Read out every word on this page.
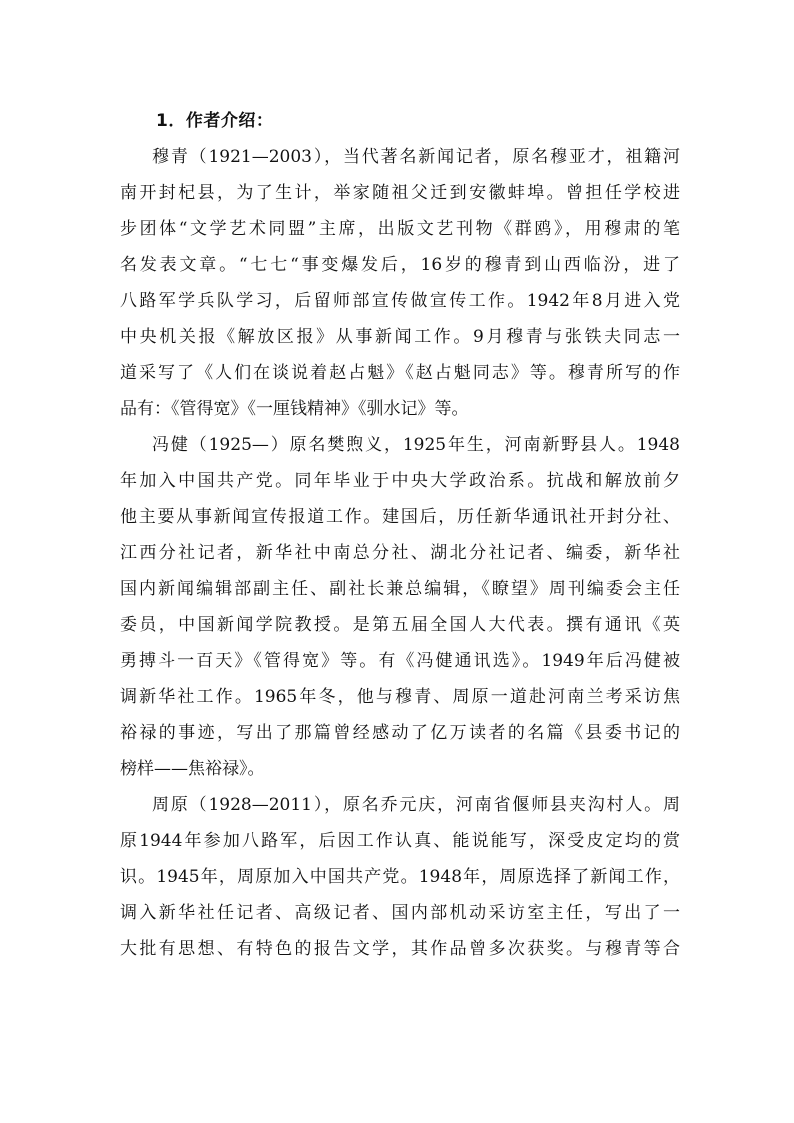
1．作者介绍：
穆青（1921—2003），当代著名新闻记者，原名穆亚才，祖籍河
南开封杞县，为了生计，举家随祖父迁到安徽蚌埠。曾担任学校进
步团体“文学艺术同盟”主席，出版文艺刊物《群鸥》，用穆肃的笔
名发表文章。“七七“事变爆发后，16岁的穆青到山西临汾，进了
八路军学兵队学习，后留师部宣传做宣传工作。1942年8月进入党
中央机关报《解放区报》从事新闻工作。9月穆青与张铁夫同志一
道采写了《人们在谈说着赵占魁》《赵占魁同志》等。穆青所写的作
品有：《管得宽》《一厘钱精神》《驯水记》等。
冯健（1925—）原名樊煦义，1925年生，河南新野县人。1948
年加入中国共产党。同年毕业于中央大学政治系。抗战和解放前夕
他主要从事新闻宣传报道工作。建国后，历任新华通讯社开封分社、
江西分社记者，新华社中南总分社、湖北分社记者、编委，新华社
国内新闻编辑部副主任、副社长兼总编辑，《瞭望》周刊编委会主任
委员，中国新闻学院教授。是第五届全国人大代表。撰有通讯《英
勇搏斗一百天》《管得宽》等。有《冯健通讯选》。1949年后冯健被
调新华社工作。1965年冬，他与穆青、周原一道赴河南兰考采访焦
裕禄的事迹，写出了那篇曾经感动了亿万读者的名篇《县委书记的
榜样——焦裕禄》。
周原（1928—2011），原名乔元庆，河南省偃师县夹沟村人。周
原1944年参加八路军，后因工作认真、能说能写，深受皮定均的赏
识。1945年，周原加入中国共产党。1948年，周原选择了新闻工作，
调入新华社任记者、高级记者、国内部机动采访室主任，写出了一
大批有思想、有特色的报告文学，其作品曾多次获奖。与穆青等合
